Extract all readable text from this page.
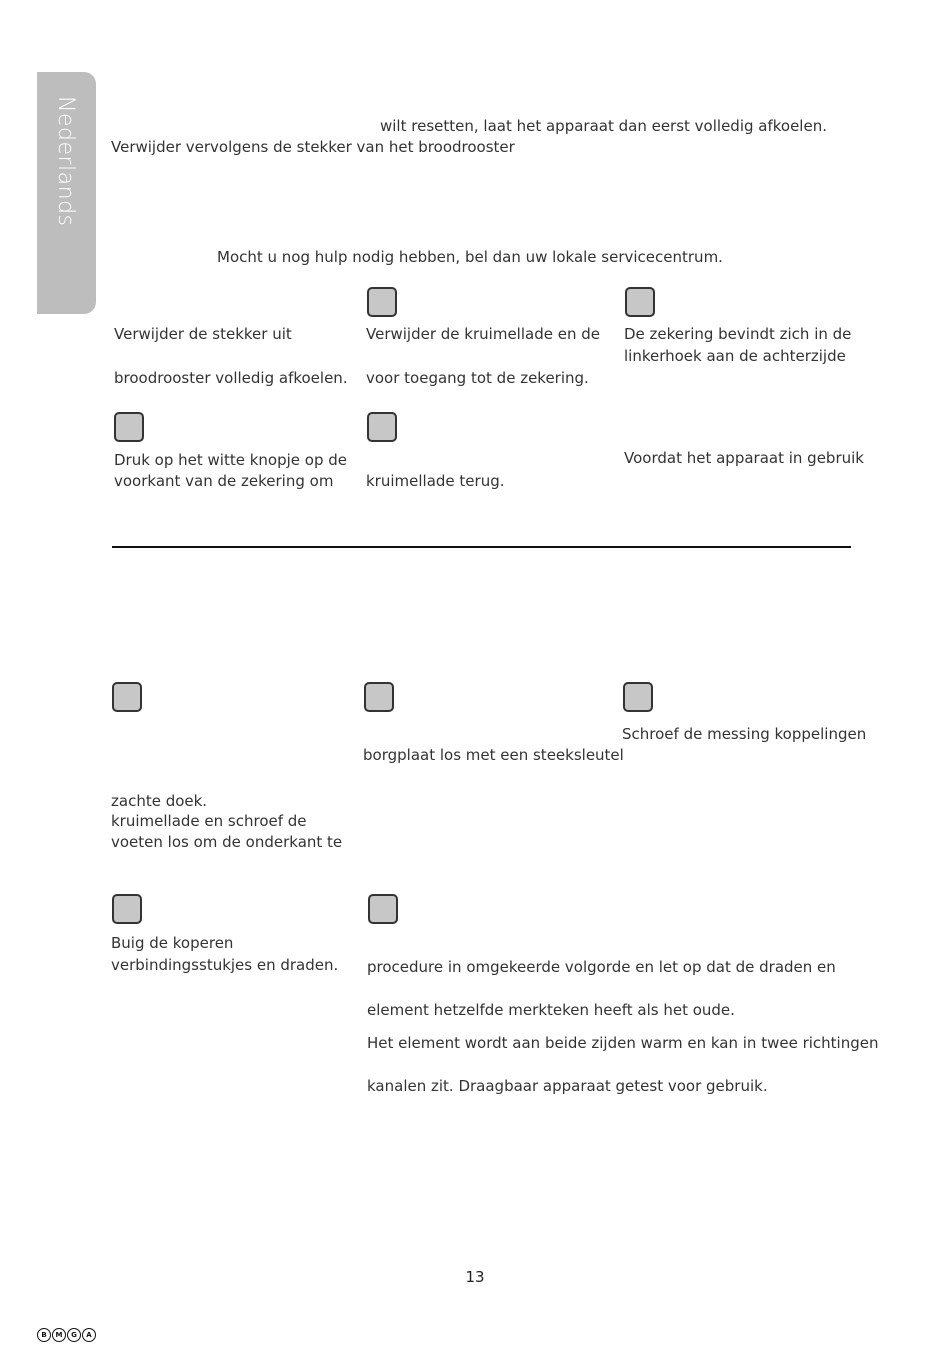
Nederlands	wilt resetten, laat het apparaat dan eerst volledig afkoelen.
Verwijder vervolgens de stekker van het broodrooster
Mocht u nog hulp nodig hebben, bel dan uw lokale servicecentrum.
Verwijder de stekker uit
broodrooster volledig afkoelen.
Verwijder de kruimellade en de
voor toegang tot de zekering.
De zekering bevindt zich in de
linkerhoek aan de achterzijde
Druk op het witte knopje op de
voorkant van de zekering om kruimellade terug.
Voordat het apparaat in gebruik
Schroef de messing koppelingen
borgplaat los met een steeksleutel
zachte doek.
kruimellade en schroef de
voeten los om de onderkant te
Buig de koperen
verbindingsstukjes en draden. procedure in omgekeerde volgorde en let op dat de draden en
element hetzelfde merkteken heeft als het oude.
Het element wordt aan beide zijden warm en kan in twee richtingen
kanalen zit. Draagbaar apparaat getest voor gebruik.
13
B	M	G	A
